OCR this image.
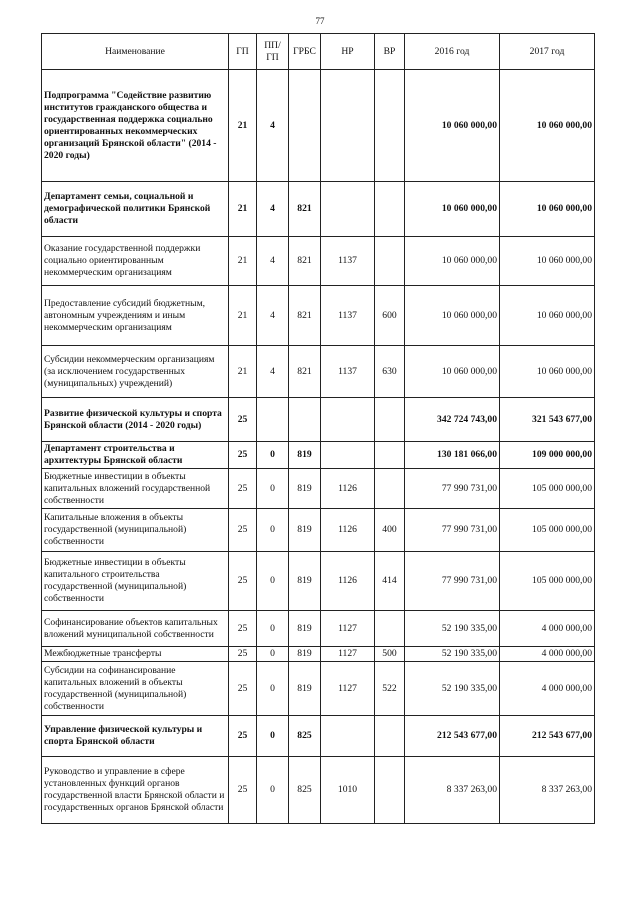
77
Наименование	ГП	ПП/ГП	ГРБС	НР	ВР	2016 год	2017 год
Подпрограмма "Содействие развитию институтов гражданского общества и государственная поддержка социально ориентированных некоммерческих организаций Брянской области" (2014 - 2020 годы)	21	4				10 060 000,00	10 060 000,00
Департамент семьи, социальной и демографической политики Брянской области	21	4	821			10 060 000,00	10 060 000,00
Оказание государственной поддержки социально ориентированным некоммерческим организациям	21	4	821	1137		10 060 000,00	10 060 000,00
Предоставление субсидий бюджетным, автономным учреждениям и иным некоммерческим организациям	21	4	821	1137	600	10 060 000,00	10 060 000,00
Субсидии некоммерческим организациям (за исключением государственных (муниципальных) учреждений)	21	4	821	1137	630	10 060 000,00	10 060 000,00
Развитие физической культуры и спорта Брянской области (2014 - 2020 годы)	25					342 724 743,00	321 543 677,00
Департамент строительства и архитектуры Брянской области	25	0	819			130 181 066,00	109 000 000,00
Бюджетные инвестиции в объекты капитальных вложений государственной собственности	25	0	819	1126		77 990 731,00	105 000 000,00
Капитальные вложения в объекты государственной (муниципальной) собственности	25	0	819	1126	400	77 990 731,00	105 000 000,00
Бюджетные инвестиции в объекты капитального строительства государственной (муниципальной) собственности	25	0	819	1126	414	77 990 731,00	105 000 000,00
Софинансирование объектов капитальных вложений муниципальной собственности	25	0	819	1127		52 190 335,00	4 000 000,00
Межбюджетные трансферты	25	0	819	1127	500	52 190 335,00	4 000 000,00
Субсидии на софинансирование капитальных вложений в объекты государственной (муниципальной) собственности	25	0	819	1127	522	52 190 335,00	4 000 000,00
Управление физической культуры и спорта Брянской области	25	0	825			212 543 677,00	212 543 677,00
Руководство и управление в сфере установленных функций органов государственной власти Брянской области и государственных органов Брянской области	25	0	825	1010		8 337 263,00	8 337 263,00
